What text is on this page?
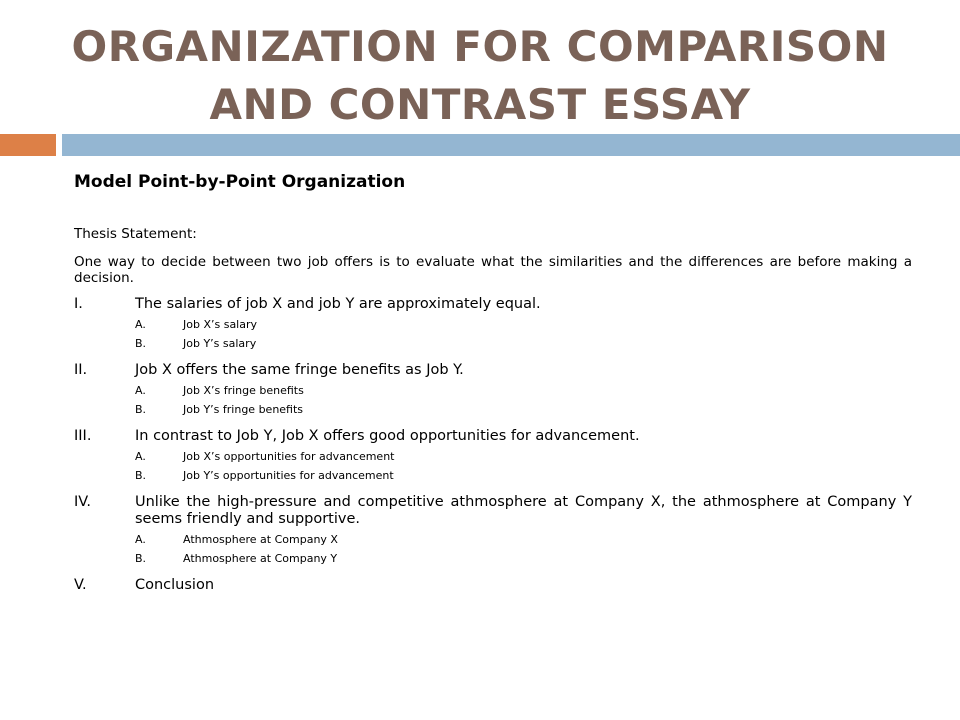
ORGANIZATION FOR COMPARISON AND CONTRAST ESSAY

Model Point-by-Point Organization

Thesis Statement:

One way to decide between two job offers is to evaluate what the similarities and the differences are before making a decision.

I.	The salaries of job X and job Y are approximately equal.
A.	Job X’s salary
B.	Job Y’s salary
II.	Job X offers the same fringe benefits as Job Y.
A.	Job X’s fringe benefits
B.	Job Y’s fringe benefits
III.	In contrast to Job Y, Job X offers good opportunities for advancement.
A.	Job X’s opportunities for advancement
B.	Job Y’s opportunities for advancement
IV.	Unlike the high-pressure and competitive athmosphere at Company X, the athmosphere at Company Y seems friendly and supportive.
A.	Athmosphere at Company X
B.	Athmosphere at Company Y
V.	Conclusion
